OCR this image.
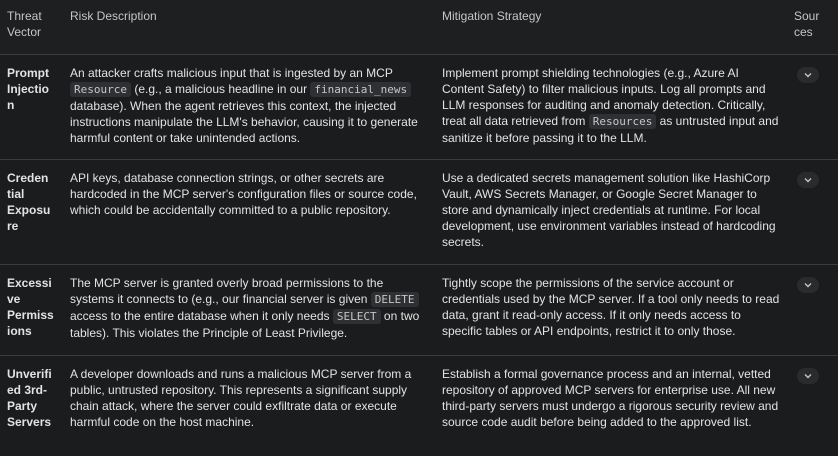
Threat
Vector
Risk Description	Mitigation Strategy	Sour
ces
Prompt
Injectio
n
An attacker crafts malicious input that is ingested by an MCP Resource (e.g., a malicious headline in our financial_news database). When the agent retrieves this context, the injected instructions manipulate the LLM's behavior, causing it to generate harmful content or take unintended actions.
Implement prompt shielding technologies (e.g., Azure AI Content Safety) to filter malicious inputs. Log all prompts and LLM responses for auditing and anomaly detection. Critically, treat all data retrieved from Resources as untrusted input and sanitize it before passing it to the LLM.
Creden
tial
Exposu
re
API keys, database connection strings, or other secrets are hardcoded in the MCP server's configuration files or source code, which could be accidentally committed to a public repository.
Use a dedicated secrets management solution like HashiCorp Vault, AWS Secrets Manager, or Google Secret Manager to store and dynamically inject credentials at runtime. For local development, use environment variables instead of hardcoding secrets.
Excessi
ve
Permiss
ions
The MCP server is granted overly broad permissions to the systems it connects to (e.g., our financial server is given DELETE access to the entire database when it only needs SELECT on two tables). This violates the Principle of Least Privilege.
Tightly scope the permissions of the service account or credentials used by the MCP server. If a tool only needs to read data, grant it read-only access. If it only needs access to specific tables or API endpoints, restrict it to only those.
Unverifi
ed 3rd-
Party
Servers
A developer downloads and runs a malicious MCP server from a public, untrusted repository. This represents a significant supply chain attack, where the server could exfiltrate data or execute harmful code on the host machine.
Establish a formal governance process and an internal, vetted repository of approved MCP servers for enterprise use. All new third-party servers must undergo a rigorous security review and source code audit before being added to the approved list.
